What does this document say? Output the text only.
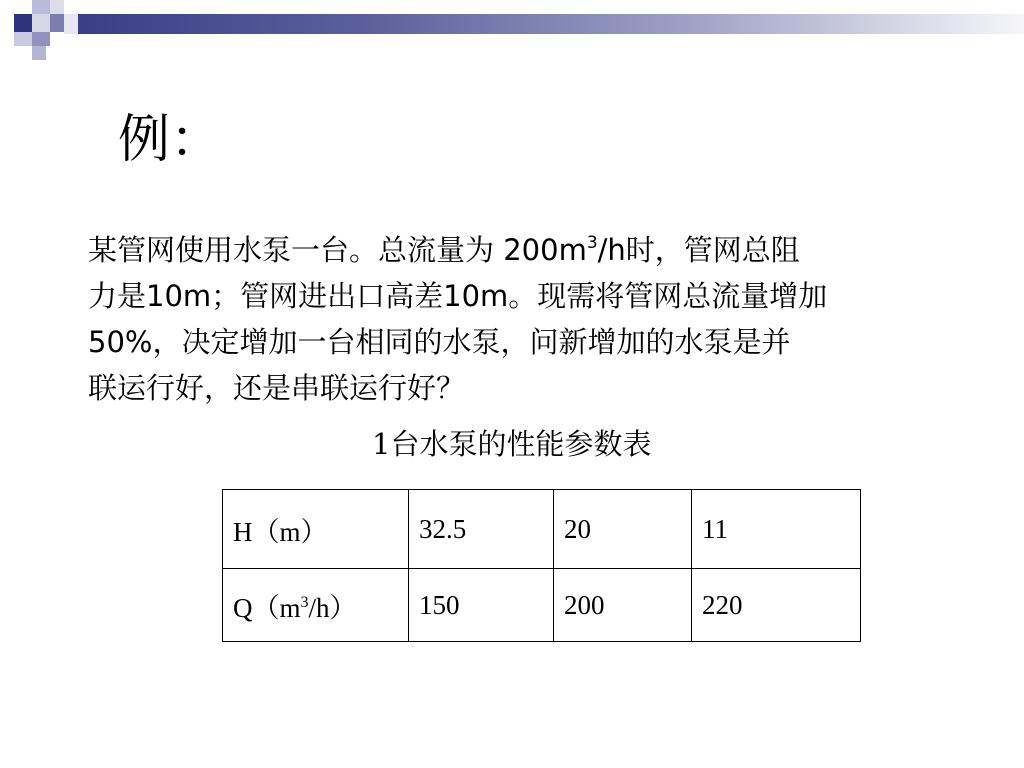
例：
某管网使用水泵一台。总流量为 $200m^3/h$时，管网总阻
力是10m；管网进出口高差10m。现需将管网总流量增加
50%，决定增加一台相同的水泵，问新增加的水泵是并
联运行好，还是串联运行好？
1台水泵的性能参数表
H（m）	32.5	20	11
$Q(m^3/h)$	150	200	220
